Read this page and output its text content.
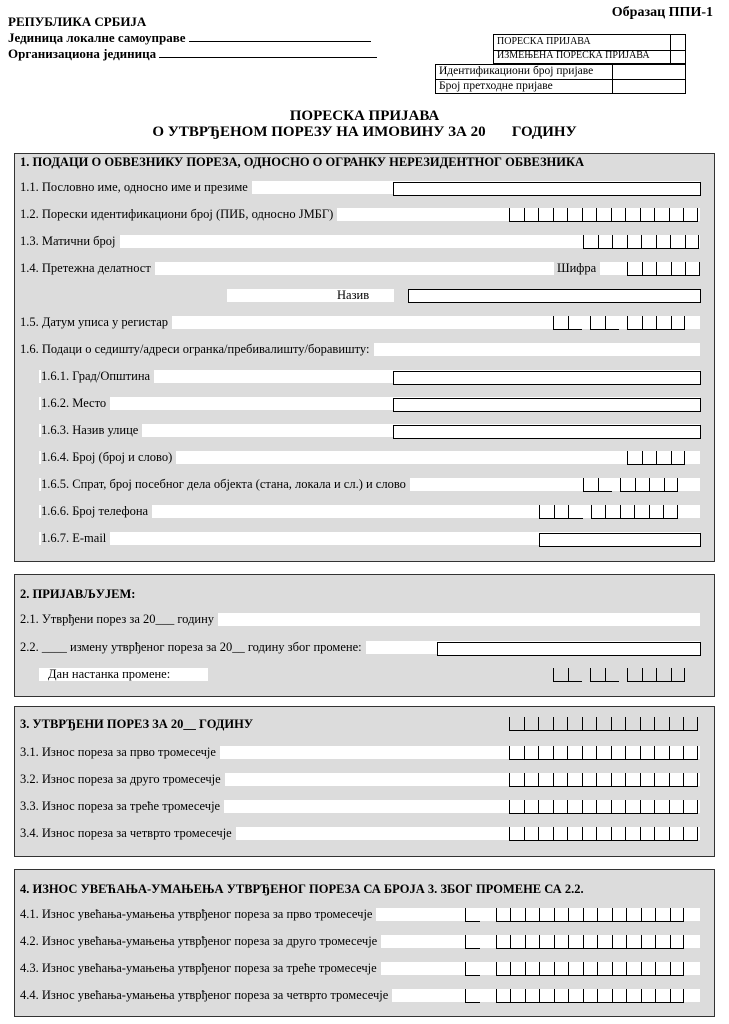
Образац ППИ-1
РЕПУБЛИКА СРБИЈА
Јединица локалне самоуправе
Организациона јединица
ПОРЕСКА ПРИЈАВА
ИЗМЕЊЕНА ПОРЕСКА ПРИЈАВА
Идентификациони број пријаве
Број претходне пријаве
ПОРЕСКА ПРИЈАВА
О УТВРЂЕНОМ ПОРЕЗУ НА ИМОВИНУ ЗА 20       ГОДИНУ
1. ПОДАЦИ О ОБВЕЗНИКУ ПОРЕЗА, ОДНОСНО О ОГРАНКУ НЕРЕЗИДЕНТНОГ ОБВЕЗНИКА
1.1. Пословно име, односно име и презиме
1.2. Порески идентификациони број (ПИБ, односно ЈМБГ)
1.3. Матични број
1.4. Претежна делатност	Шифра
Назив
1.5. Датум уписа у регистар
1.6. Подаци о седишту/адреси огранка/пребивалишту/боравишту:
1.6.1. Град/Општина
1.6.2. Место
1.6.3. Назив улице
1.6.4. Број (број и слово)
1.6.5. Спрат, број посебног дела објекта (стана, локала и сл.) и слово
1.6.6. Број телефона
1.6.7. E-mail
2. ПРИЈАВЉУЈЕМ:
2.1. Утврђени порез за 20___ годину
2.2. ____ измену утврђеног пореза за 20__ годину због промене:
Дан настанка промене:
3. УТВРЂЕНИ ПОРЕЗ ЗА 20__ ГОДИНУ
3.1. Износ пореза за прво тромесечје
3.2. Износ пореза за друго тромесечје
3.3. Износ пореза за треће тромесечје
3.4. Износ пореза за четврто тромесечје
4. ИЗНОС УВЕЋАЊА-УМАЊЕЊА УТВРЂЕНОГ ПОРЕЗА СА БРОЈА 3. ЗБОГ ПРОМЕНЕ СА 2.2.
4.1. Износ увећања-умањења утврђеног пореза за прво тромесечје
4.2. Износ увећања-умањења утврђеног пореза за друго тромесечје
4.3. Износ увећања-умањења утврђеног пореза за треће тромесечје
4.4. Износ увећања-умањења утврђеног пореза за четврто тромесечје
